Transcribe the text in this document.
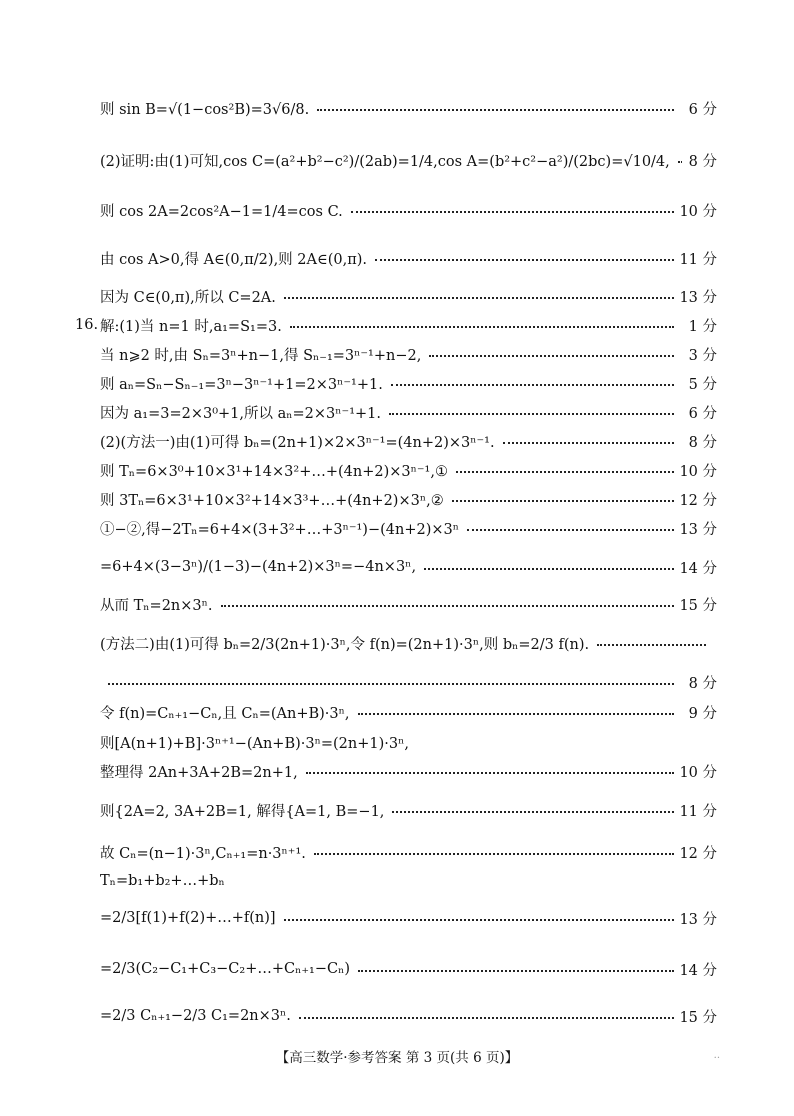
则 sin B=√(1−cos²B)=3√6/8.	6 分
(2)证明:由(1)可知,cos C=(a²+b²−c²)/(2ab)=1/4,cos A=(b²+c²−a²)/(2bc)=√10/4, 8 分
则 cos 2A=2cos²A−1=1/4=cos C.	10 分
由 cos A>0,得 A∈(0,π/2),则 2A∈(0,π).	11 分
因为 C∈(0,π),所以 C=2A.	13 分
16. 解:(1)当 n=1 时,a₁=S₁=3.	1 分
当 n⩾2 时,由 Sₙ=3ⁿ+n−1,得 Sₙ₋₁=3ⁿ⁻¹+n−2,	3 分
则 aₙ=Sₙ−Sₙ₋₁=3ⁿ−3ⁿ⁻¹+1=2×3ⁿ⁻¹+1.	5 分
因为 a₁=3=2×3⁰+1,所以 aₙ=2×3ⁿ⁻¹+1.	6 分
(2)(方法一)由(1)可得 bₙ=(2n+1)×2×3ⁿ⁻¹=(4n+2)×3ⁿ⁻¹.	8 分
则 Tₙ=6×3⁰+10×3¹+14×3²+…+(4n+2)×3ⁿ⁻¹,①	10 分
则 3Tₙ=6×3¹+10×3²+14×3³+…+(4n+2)×3ⁿ,②	12 分
①−②,得−2Tₙ=6+4×(3+3²+…+3ⁿ⁻¹)−(4n+2)×3ⁿ	13 分
=6+4×(3−3ⁿ)/(1−3)−(4n+2)×3ⁿ=−4n×3ⁿ,	14 分
从而 Tₙ=2n×3ⁿ.	15 分
(方法二)由(1)可得 bₙ=2/3(2n+1)·3ⁿ,令 f(n)=(2n+1)·3ⁿ,则 bₙ=2/3 f(n).
8 分
令 f(n)=Cₙ₊₁−Cₙ,且 Cₙ=(An+B)·3ⁿ,	9 分
则[A(n+1)+B]·3ⁿ⁺¹−(An+B)·3ⁿ=(2n+1)·3ⁿ,
整理得 2An+3A+2B=2n+1,	10 分
则{2A=2, 3A+2B=1, 解得{A=1, B=−1,	11 分
故 Cₙ=(n−1)·3ⁿ,Cₙ₊₁=n·3ⁿ⁺¹.	12 分
Tₙ=b₁+b₂+…+bₙ
=2/3[f(1)+f(2)+…+f(n)]	13 分
=2/3(C₂−C₁+C₃−C₂+…+Cₙ₊₁−Cₙ)	14 分
=2/3 Cₙ₊₁−2/3 C₁=2n×3ⁿ.	15 分
【高三数学·参考答案 第 3 页(共 6 页)】	..
